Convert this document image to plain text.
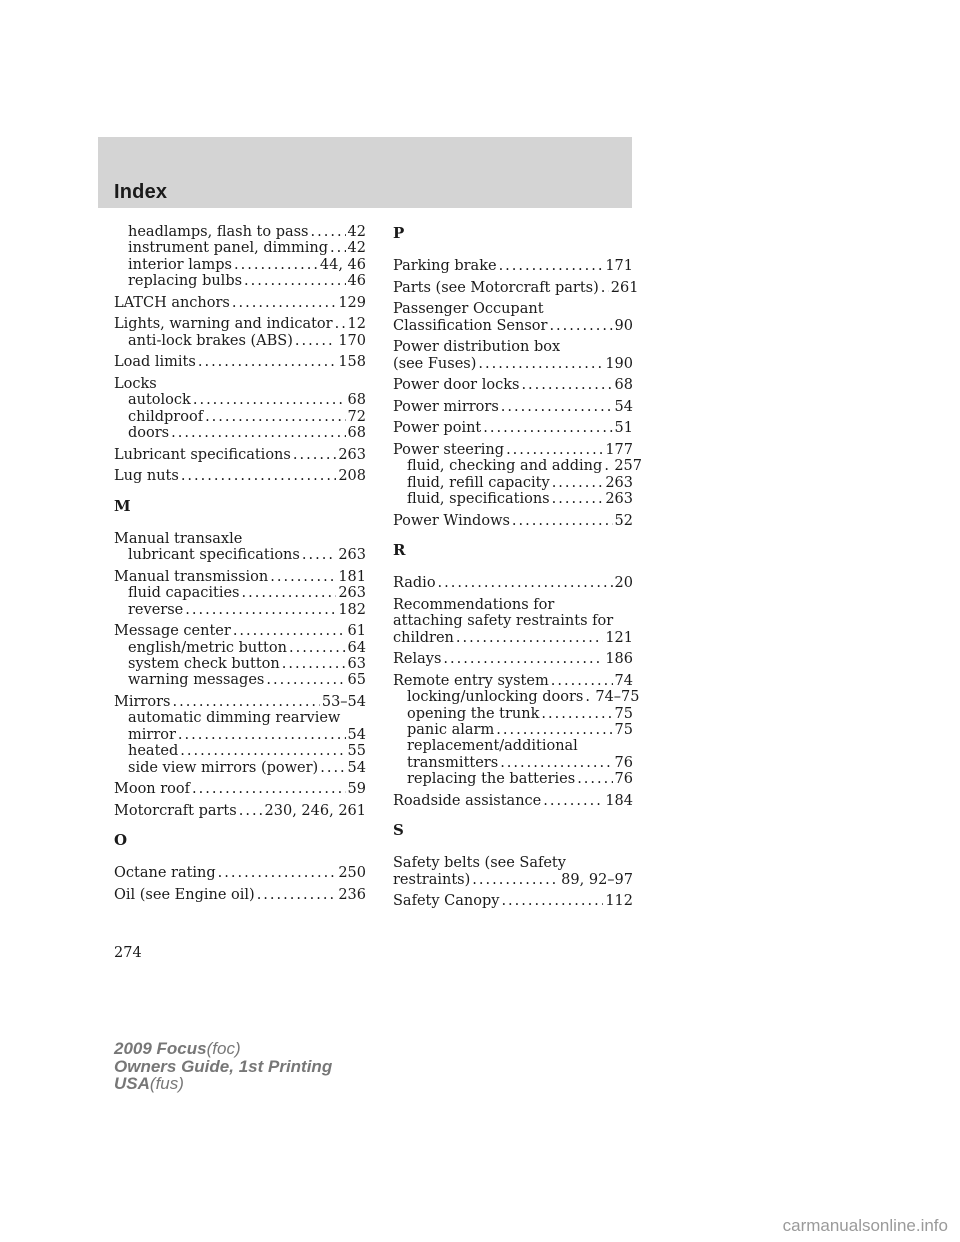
Index
headlamps, flash to pass . . .	42
instrument panel, dimming . . . 42
interior lamps . . .	44, 46
replacing bulbs . . .	46
LATCH anchors . . .	129
Lights, warning and indicator . . . 12
anti-lock brakes (ABS) . . .	170
Load limits . . .	158
Locks
autolock . . .	68
childproof . . .	72
doors . . .	68
Lubricant specifications . . .	263
Lug nuts . . .	208
M
Manual transaxle
lubricant specifications . . .	263
Manual transmission . . .	181
fluid capacities . . .	263
reverse . . .	182
Message center . . .	61
english/metric button . . .	64
system check button . . .	63
warning messages . . .	65
Mirrors . . .	53–54
automatic dimming rearview
mirror . . .	54
heated . . .	55
side view mirrors (power) . . . 54
Moon roof . . .	59
Motorcraft parts . . . 230, 246, 261
O
Octane rating . . .	250
Oil (see Engine oil) . . .	236
P
Parking brake . . .	171
Parts (see Motorcraft parts) . . . 261
Passenger Occupant
Classification Sensor . . .	90
Power distribution box
(see Fuses) . . .	190
Power door locks . . .	68
Power mirrors . . .	54
Power point . . .	51
Power steering . . .	177
fluid, checking and adding . . . 257
fluid, refill capacity . . .	263
fluid, specifications . . .	263
Power Windows . . .	52
R
Radio . . .	20
Recommendations for
attaching safety restraints for
children . . .	121
Relays . . .	186
Remote entry system . . .	74
locking/unlocking doors . . . 74–75
opening the trunk . . .	75
panic alarm . . .	75
replacement/additional
transmitters . . .	76
replacing the batteries . . .	76
Roadside assistance . . .	184
S
Safety belts (see Safety
restraints) . . .	89, 92–97
Safety Canopy . . .	112
274
2009 Focus(foc)
Owners Guide, 1st Printing
USA(fus)
carmanualsonline.info
